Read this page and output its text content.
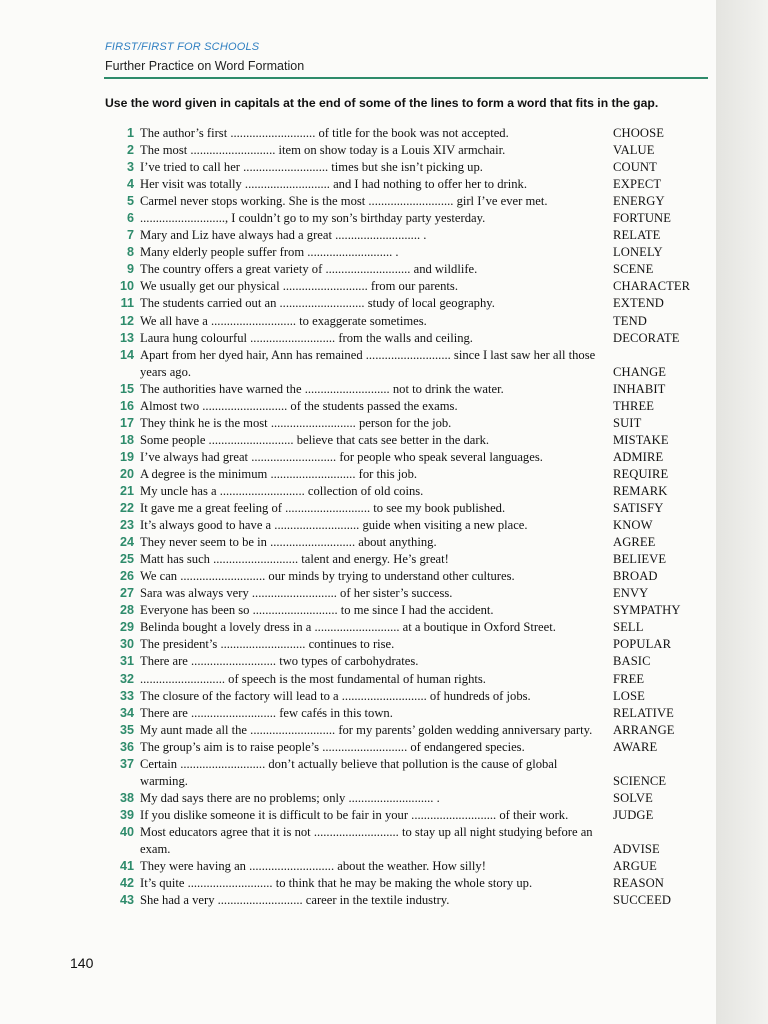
FIRST/FIRST FOR SCHOOLS
Further Practice on Word Formation
Use the word given in capitals at the end of some of the lines to form a word that fits in the gap.
1 The author’s first ........................... of title for the book was not accepted.	CHOOSE
2 The most ........................... item on show today is a Louis XIV armchair.	VALUE
3 I’ve tried to call her ........................... times but she isn’t picking up.	COUNT
4 Her visit was totally ........................... and I had nothing to offer her to drink.	EXPECT
5 Carmel never stops working. She is the most ........................... girl I’ve ever met.	ENERGY
6 ..........................., I couldn’t go to my son’s birthday party yesterday.	FORTUNE
7 Mary and Liz have always had a great ........................... .	RELATE
8 Many elderly people suffer from ........................... .	LONELY
9 The country offers a great variety of ........................... and wildlife.	SCENE
10 We usually get our physical ........................... from our parents.	CHARACTER
11 The students carried out an ........................... study of local geography.	EXTEND
12 We all have a ........................... to exaggerate sometimes.	TEND
13 Laura hung colourful ........................... from the walls and ceiling.	DECORATE
14 Apart from her dyed hair, Ann has remained ........................... since I last saw her all those years ago.	CHANGE
15 The authorities have warned the ........................... not to drink the water.	INHABIT
16 Almost two ........................... of the students passed the exams.	THREE
17 They think he is the most ........................... person for the job.	SUIT
18 Some people ........................... believe that cats see better in the dark.	MISTAKE
19 I’ve always had great ........................... for people who speak several languages.	ADMIRE
20 A degree is the minimum ........................... for this job.	REQUIRE
21 My uncle has a ........................... collection of old coins.	REMARK
22 It gave me a great feeling of ........................... to see my book published.	SATISFY
23 It’s always good to have a ........................... guide when visiting a new place.	KNOW
24 They never seem to be in ........................... about anything.	AGREE
25 Matt has such ........................... talent and energy. He’s great!	BELIEVE
26 We can ........................... our minds by trying to understand other cultures.	BROAD
27 Sara was always very ........................... of her sister’s success.	ENVY
28 Everyone has been so ........................... to me since I had the accident.	SYMPATHY
29 Belinda bought a lovely dress in a ........................... at a boutique in Oxford Street.	SELL
30 The president’s ........................... continues to rise.	POPULAR
31 There are ........................... two types of carbohydrates.	BASIC
32 ........................... of speech is the most fundamental of human rights.	FREE
33 The closure of the factory will lead to a ........................... of hundreds of jobs.	LOSE
34 There are ........................... few cafés in this town.	RELATIVE
35 My aunt made all the ........................... for my parents’ golden wedding anniversary party.	ARRANGE
36 The group’s aim is to raise people’s ........................... of endangered species.	AWARE
37 Certain ........................... don’t actually believe that pollution is the cause of global warming.	SCIENCE
38 My dad says there are no problems; only ........................... .	SOLVE
39 If you dislike someone it is difficult to be fair in your ........................... of their work.	JUDGE
40 Most educators agree that it is not ........................... to stay up all night studying before an exam.	ADVISE
41 They were having an ........................... about the weather. How silly!	ARGUE
42 It’s quite ........................... to think that he may be making the whole story up.	REASON
43 She had a very ........................... career in the textile industry.	SUCCEED
140
